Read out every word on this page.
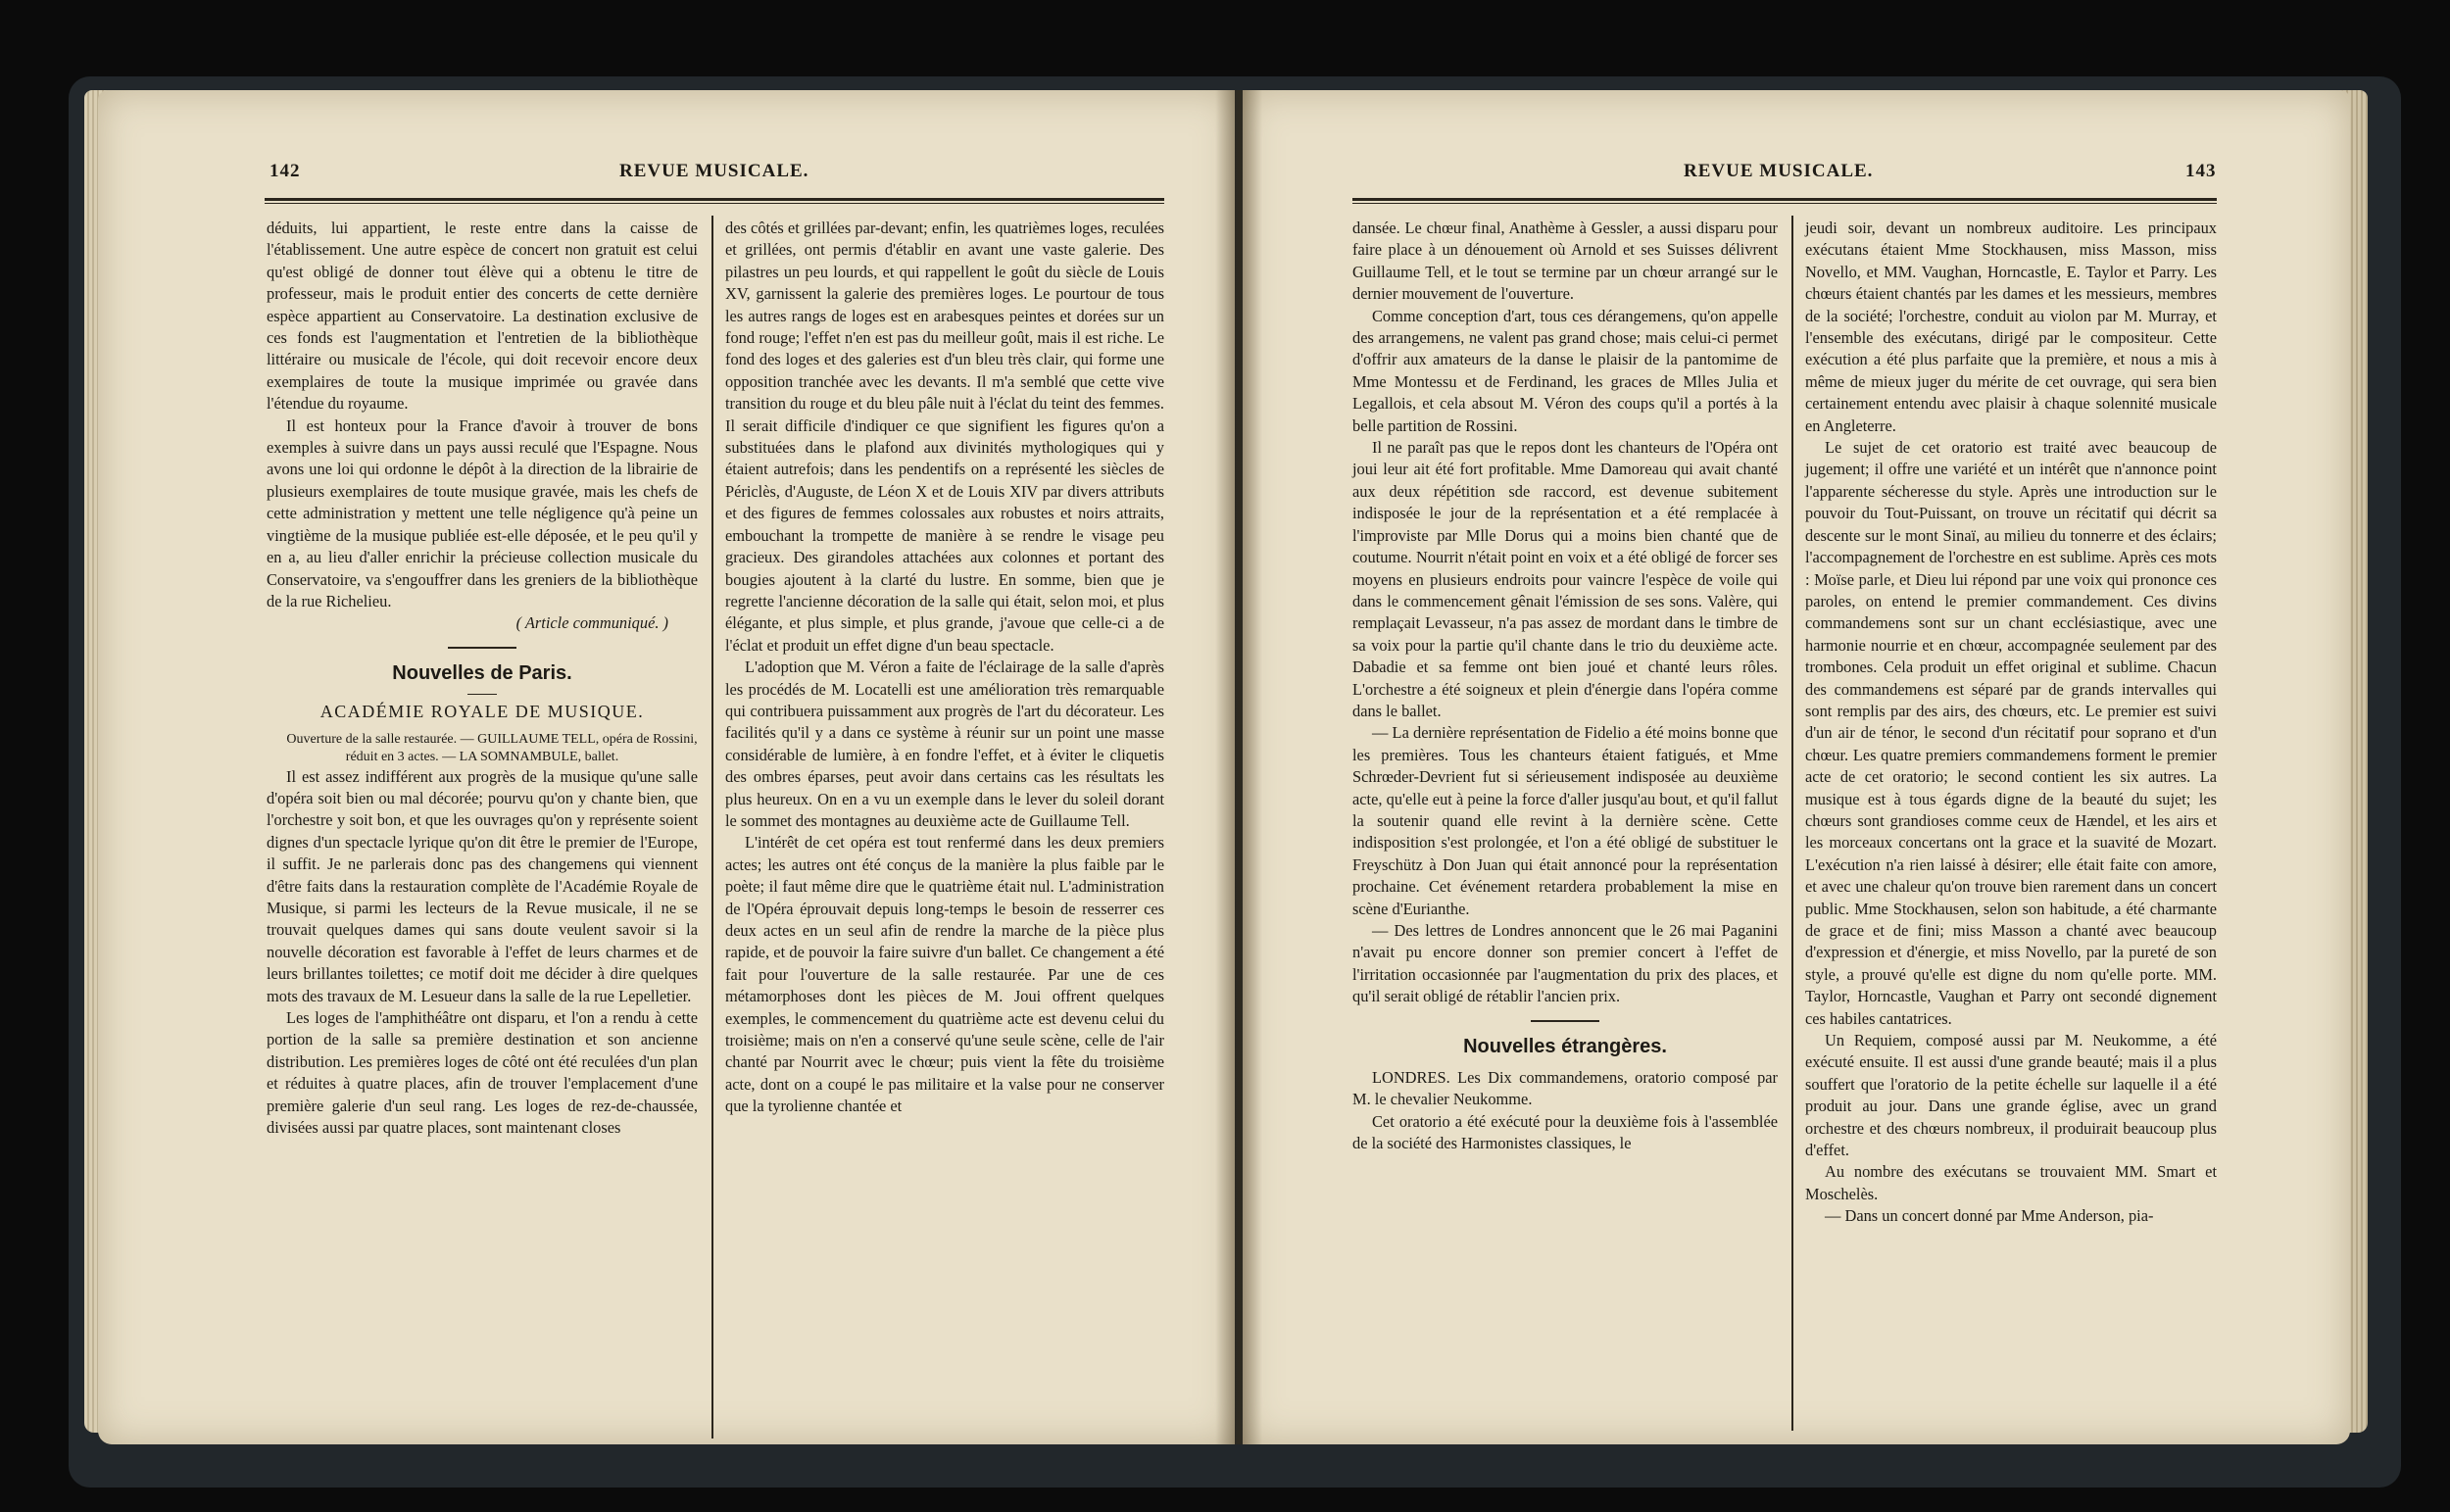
142	REVUE MUSICALE.

déduits, lui appartient, le reste entre dans la caisse de l'établissement. Une autre espèce de concert non gratuit est celui qu'est obligé de donner tout élève qui a obtenu le titre de professeur, mais le produit entier des concerts de cette dernière espèce appartient au Conservatoire. La destination exclusive de ces fonds est l'augmentation et l'entretien de la bibliothèque littéraire ou musicale de l'école, qui doit recevoir encore deux exemplaires de toute la musique imprimée ou gravée dans l'étendue du royaume.

Il est honteux pour la France d'avoir à trouver de bons exemples à suivre dans un pays aussi reculé que l'Espagne. Nous avons une loi qui ordonne le dépôt à la direction de la librairie de plusieurs exemplaires de toute musique gravée, mais les chefs de cette administration y mettent une telle négligence qu'à peine un vingtième de la musique publiée est-elle déposée, et le peu qu'il y en a, au lieu d'aller enrichir la précieuse collection musicale du Conservatoire, va s'engouffrer dans les greniers de la bibliothèque de la rue Richelieu.

( Article communiqué. )

Nouvelles de Paris.
ACADÉMIE ROYALE DE MUSIQUE.

Ouverture de la salle restaurée. — GUILLAUME TELL, opéra de Rossini, réduit en 3 actes. — LA SOMNAMBULE, ballet.

Il est assez indifférent aux progrès de la musique qu'une salle d'opéra soit bien ou mal décorée; pourvu qu'on y chante bien, que l'orchestre y soit bon, et que les ouvrages qu'on y représente soient dignes d'un spectacle lyrique qu'on dit être le premier de l'Europe, il suffit. Je ne parlerais donc pas des changemens qui viennent d'être faits dans la restauration complète de l'Académie Royale de Musique, si parmi les lecteurs de la Revue musicale, il ne se trouvait quelques dames qui sans doute veulent savoir si la nouvelle décoration est favorable à l'effet de leurs charmes et de leurs brillantes toilettes; ce motif doit me décider à dire quelques mots des travaux de M. Lesueur dans la salle de la rue Lepelletier.

Les loges de l'amphithéâtre ont disparu, et l'on a rendu à cette portion de la salle sa première destination et son ancienne distribution. Les premières loges de côté ont été reculées d'un plan et réduites à quatre places, afin de trouver l'emplacement d'une première galerie d'un seul rang. Les loges de rez-de-chaussée, divisées aussi par quatre places, sont maintenant closes

des côtés et grillées par-devant; enfin, les quatrièmes loges, reculées et grillées, ont permis d'établir en avant une vaste galerie. Des pilastres un peu lourds, et qui rappellent le goût du siècle de Louis XV, garnissent la galerie des premières loges. Le pourtour de tous les autres rangs de loges est en arabesques peintes et dorées sur un fond rouge; l'effet n'en est pas du meilleur goût, mais il est riche. Le fond des loges et des galeries est d'un bleu très clair, qui forme une opposition tranchée avec les devants. Il m'a semblé que cette vive transition du rouge et du bleu pâle nuit à l'éclat du teint des femmes. Il serait difficile d'indiquer ce que signifient les figures qu'on a substituées dans le plafond aux divinités mythologiques qui y étaient autrefois; dans les pendentifs on a représenté les siècles de Périclès, d'Auguste, de Léon X et de Louis XIV par divers attributs et des figures de femmes colossales aux robustes et noirs attraits, embouchant la trompette de manière à se rendre le visage peu gracieux. Des girandoles attachées aux colonnes et portant des bougies ajoutent à la clarté du lustre. En somme, bien que je regrette l'ancienne décoration de la salle qui était, selon moi, et plus élégante, et plus simple, et plus grande, j'avoue que celle-ci a de l'éclat et produit un effet digne d'un beau spectacle.

L'adoption que M. Véron a faite de l'éclairage de la salle d'après les procédés de M. Locatelli est une amélioration très remarquable qui contribuera puissamment aux progrès de l'art du décorateur. Les facilités qu'il y a dans ce système à réunir sur un point une masse considérable de lumière, à en fondre l'effet, et à éviter le cliquetis des ombres éparses, peut avoir dans certains cas les résultats les plus heureux. On en a vu un exemple dans le lever du soleil dorant le sommet des montagnes au deuxième acte de Guillaume Tell.

L'intérêt de cet opéra est tout renfermé dans les deux premiers actes; les autres ont été conçus de la manière la plus faible par le poète; il faut même dire que le quatrième était nul. L'administration de l'Opéra éprouvait depuis long-temps le besoin de resserrer ces deux actes en un seul afin de rendre la marche de la pièce plus rapide, et de pouvoir la faire suivre d'un ballet. Ce changement a été fait pour l'ouverture de la salle restaurée. Par une de ces métamorphoses dont les pièces de M. Joui offrent quelques exemples, le commencement du quatrième acte est devenu celui du troisième; mais on n'en a conservé qu'une seule scène, celle de l'air chanté par Nourrit avec le chœur; puis vient la fête du troisième acte, dont on a coupé le pas militaire et la valse pour ne conserver que la tyrolienne chantée et

REVUE MUSICALE.	143

dansée. Le chœur final, Anathème à Gessler, a aussi disparu pour faire place à un dénouement où Arnold et ses Suisses délivrent Guillaume Tell, et le tout se termine par un chœur arrangé sur le dernier mouvement de l'ouverture.

Comme conception d'art, tous ces dérangemens, qu'on appelle des arrangemens, ne valent pas grand chose; mais celui-ci permet d'offrir aux amateurs de la danse le plaisir de la pantomime de Mme Montessu et de Ferdinand, les graces de Mlles Julia et Legallois, et cela absout M. Véron des coups qu'il a portés à la belle partition de Rossini.

Il ne paraît pas que le repos dont les chanteurs de l'Opéra ont joui leur ait été fort profitable. Mme Damoreau qui avait chanté aux deux répétition sde raccord, est devenue subitement indisposée le jour de la représentation et a été remplacée à l'improviste par Mlle Dorus qui a moins bien chanté que de coutume. Nourrit n'était point en voix et a été obligé de forcer ses moyens en plusieurs endroits pour vaincre l'espèce de voile qui dans le commencement gênait l'émission de ses sons. Valère, qui remplaçait Levasseur, n'a pas assez de mordant dans le timbre de sa voix pour la partie qu'il chante dans le trio du deuxième acte. Dabadie et sa femme ont bien joué et chanté leurs rôles. L'orchestre a été soigneux et plein d'énergie dans l'opéra comme dans le ballet.

— La dernière représentation de Fidelio a été moins bonne que les premières. Tous les chanteurs étaient fatigués, et Mme Schrœder-Devrient fut si sérieusement indisposée au deuxième acte, qu'elle eut à peine la force d'aller jusqu'au bout, et qu'il fallut la soutenir quand elle revint à la dernière scène. Cette indisposition s'est prolongée, et l'on a été obligé de substituer le Freyschütz à Don Juan qui était annoncé pour la représentation prochaine. Cet événement retardera probablement la mise en scène d'Eurianthe.

— Des lettres de Londres annoncent que le 26 mai Paganini n'avait pu encore donner son premier concert à l'effet de l'irritation occasionnée par l'augmentation du prix des places, et qu'il serait obligé de rétablir l'ancien prix.

Nouvelles étrangères.

LONDRES. Les Dix commandemens, oratorio composé par M. le chevalier Neukomme.

Cet oratorio a été exécuté pour la deuxième fois à l'assemblée de la société des Harmonistes classiques, le

jeudi soir, devant un nombreux auditoire. Les principaux exécutans étaient Mme Stockhausen, miss Masson, miss Novello, et MM. Vaughan, Horncastle, E. Taylor et Parry. Les chœurs étaient chantés par les dames et les messieurs, membres de la société; l'orchestre, conduit au violon par M. Murray, et l'ensemble des exécutans, dirigé par le compositeur. Cette exécution a été plus parfaite que la première, et nous a mis à même de mieux juger du mérite de cet ouvrage, qui sera bien certainement entendu avec plaisir à chaque solennité musicale en Angleterre.

Le sujet de cet oratorio est traité avec beaucoup de jugement; il offre une variété et un intérêt que n'annonce point l'apparente sécheresse du style. Après une introduction sur le pouvoir du Tout-Puissant, on trouve un récitatif qui décrit sa descente sur le mont Sinaï, au milieu du tonnerre et des éclairs; l'accompagnement de l'orchestre en est sublime. Après ces mots : Moïse parle, et Dieu lui répond par une voix qui prononce ces paroles, on entend le premier commandement. Ces divins commandemens sont sur un chant ecclésiastique, avec une harmonie nourrie et en chœur, accompagnée seulement par des trombones. Cela produit un effet original et sublime. Chacun des commandemens est séparé par de grands intervalles qui sont remplis par des airs, des chœurs, etc. Le premier est suivi d'un air de ténor, le second d'un récitatif pour soprano et d'un chœur. Les quatre premiers commandemens forment le premier acte de cet oratorio; le second contient les six autres. La musique est à tous égards digne de la beauté du sujet; les chœurs sont grandioses comme ceux de Hændel, et les airs et les morceaux concertans ont la grace et la suavité de Mozart. L'exécution n'a rien laissé à désirer; elle était faite con amore, et avec une chaleur qu'on trouve bien rarement dans un concert public. Mme Stockhausen, selon son habitude, a été charmante de grace et de fini; miss Masson a chanté avec beaucoup d'expression et d'énergie, et miss Novello, par la pureté de son style, a prouvé qu'elle est digne du nom qu'elle porte. MM. Taylor, Horncastle, Vaughan et Parry ont secondé dignement ces habiles cantatrices.

Un Requiem, composé aussi par M. Neukomme, a été exécuté ensuite. Il est aussi d'une grande beauté; mais il a plus souffert que l'oratorio de la petite échelle sur laquelle il a été produit au jour. Dans une grande église, avec un grand orchestre et des chœurs nombreux, il produirait beaucoup plus d'effet.

Au nombre des exécutans se trouvaient MM. Smart et Moschelès.

— Dans un concert donné par Mme Anderson, pia-
